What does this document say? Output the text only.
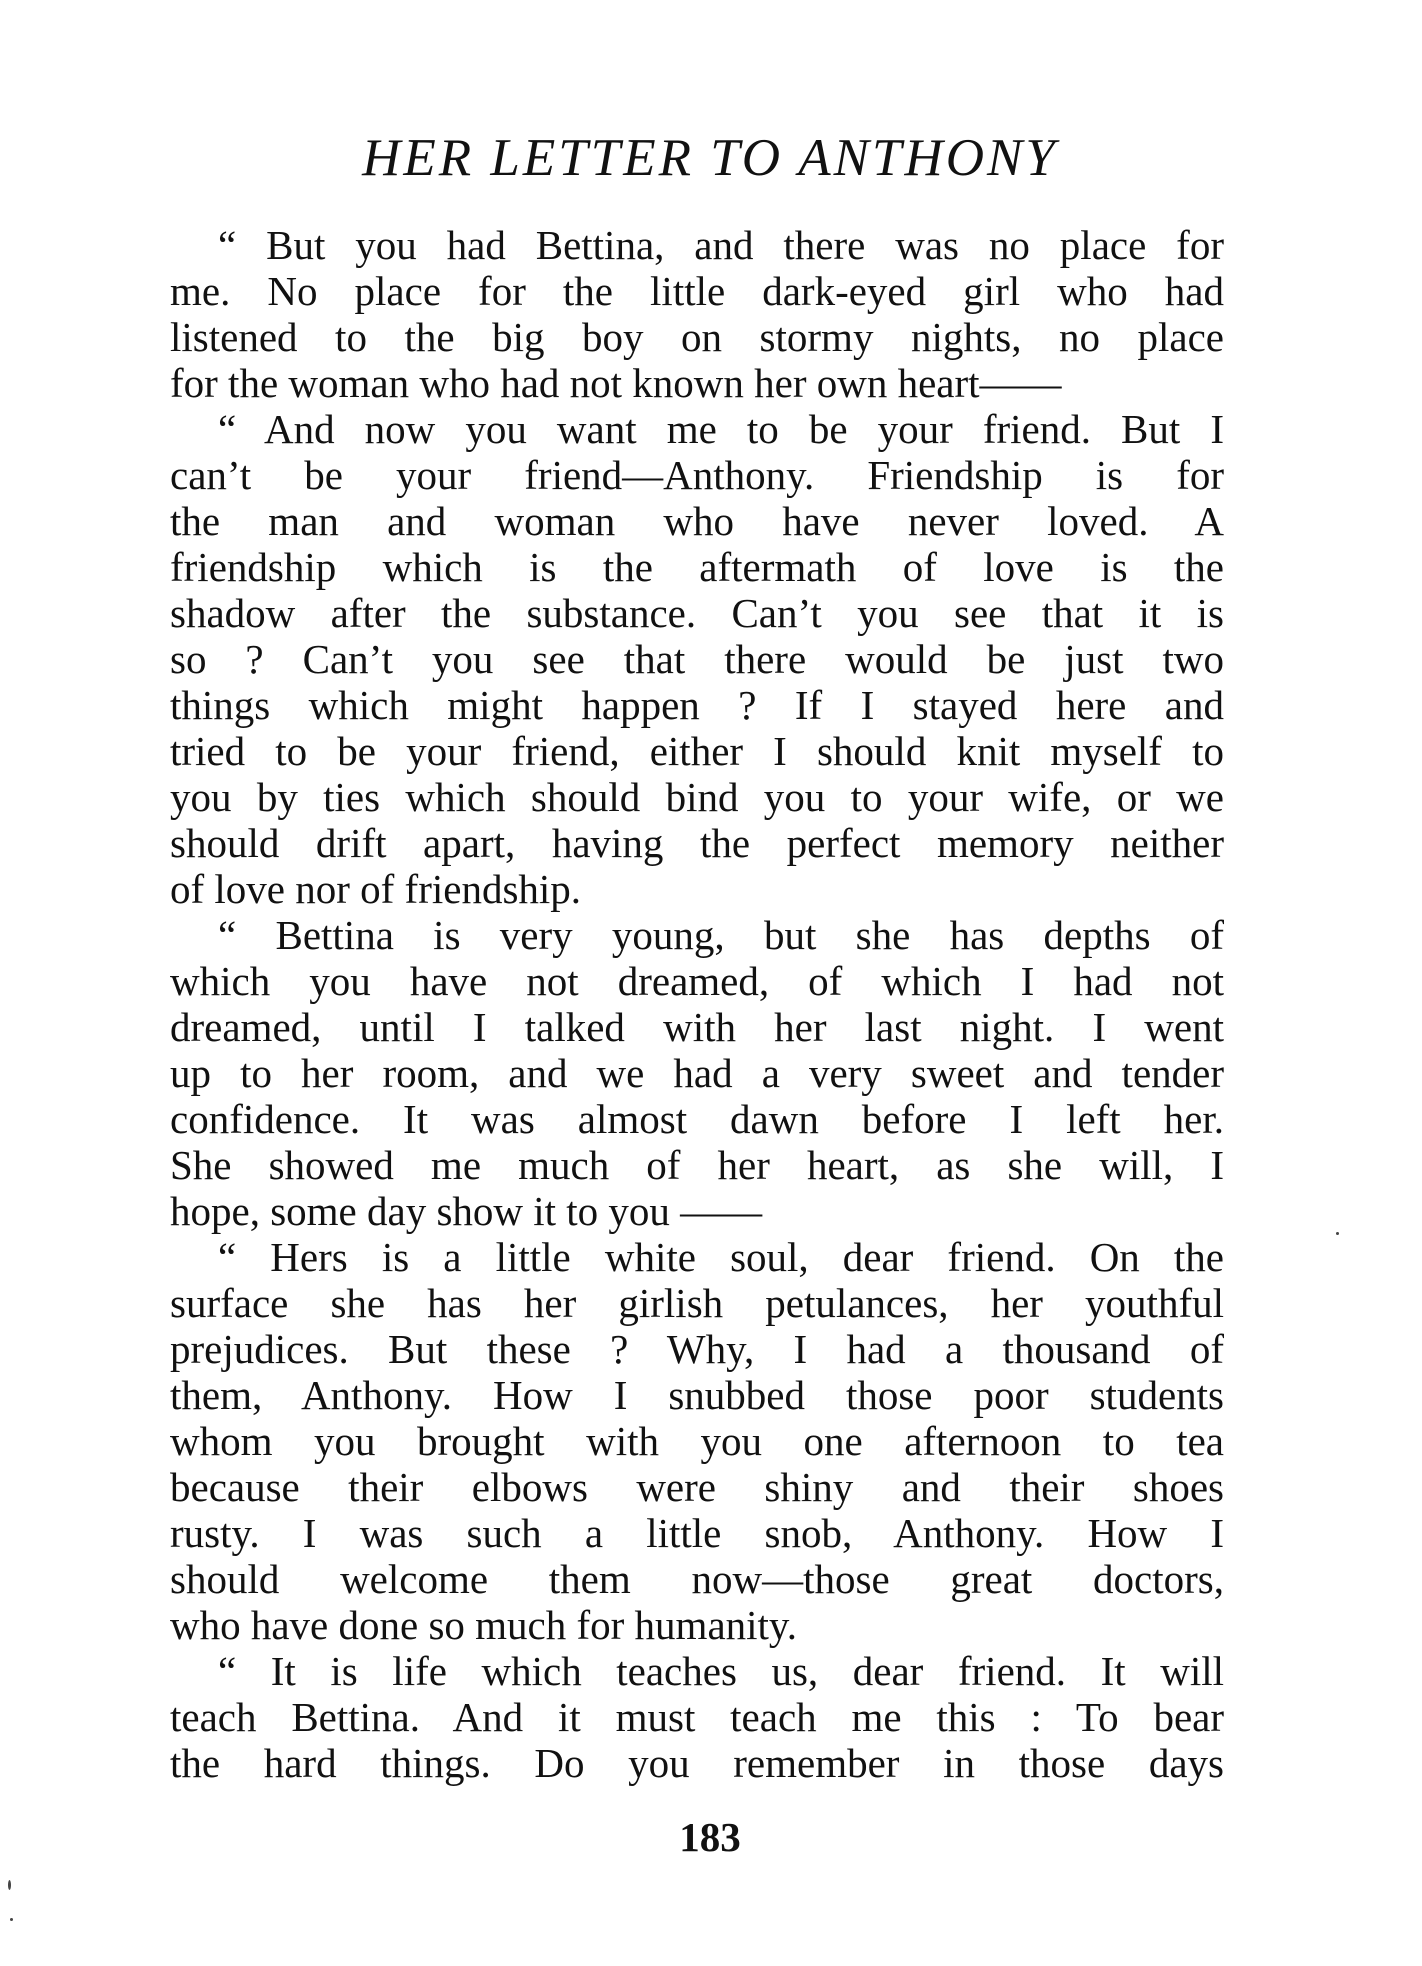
HER LETTER TO ANTHONY
“ But you had Bettina, and there was no place for
me. No place for the little dark-eyed girl who had
listened to the big boy on stormy nights, no place
for the woman who had not known her own heart——
“ And now you want me to be your friend. But I
can’t be your friend—Anthony. Friendship is for
the man and woman who have never loved. A
friendship which is the aftermath of love is the
shadow after the substance. Can’t you see that it is
so ? Can’t you see that there would be just two
things which might happen ? If I stayed here and
tried to be your friend, either I should knit myself to
you by ties which should bind you to your wife, or we
should drift apart, having the perfect memory neither
of love nor of friendship.
“ Bettina is very young, but she has depths of
which you have not dreamed, of which I had not
dreamed, until I talked with her last night. I went
up to her room, and we had a very sweet and tender
confidence. It was almost dawn before I left her.
She showed me much of her heart, as she will, I
hope, some day show it to you ——
“ Hers is a little white soul, dear friend. On the
surface she has her girlish petulances, her youthful
prejudices. But these ? Why, I had a thousand of
them, Anthony. How I snubbed those poor students
whom you brought with you one afternoon to tea
because their elbows were shiny and their shoes
rusty. I was such a little snob, Anthony. How I
should welcome them now—those great doctors,
who have done so much for humanity.
“ It is life which teaches us, dear friend. It will
teach Bettina. And it must teach me this : To bear
the hard things. Do you remember in those days
183
